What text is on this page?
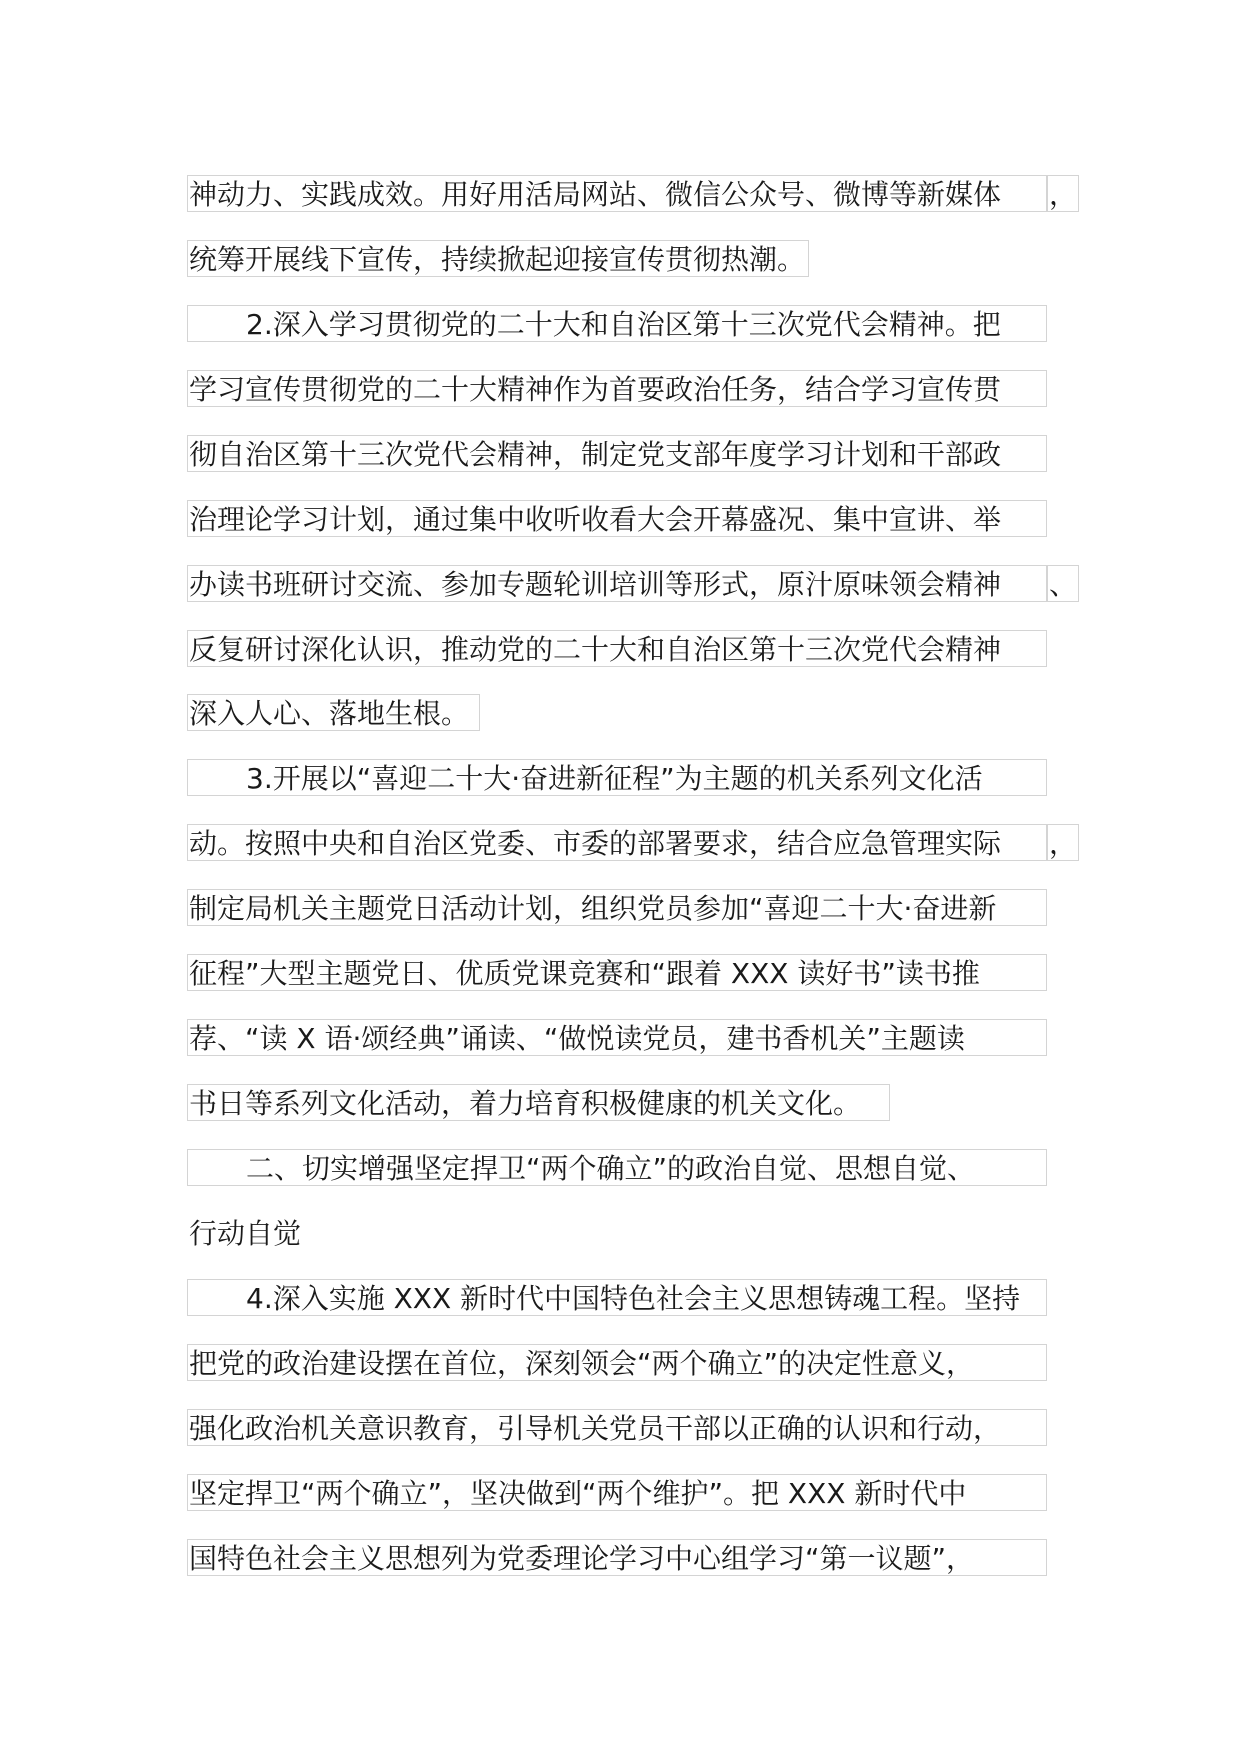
神动力、实践成效。用好用活局网站、微信公众号、微博等新媒体	，
统筹开展线下宣传，持续掀起迎接宣传贯彻热潮。
2.深入学习贯彻党的二十大和自治区第十三次党代会精神。把
学习宣传贯彻党的二十大精神作为首要政治任务，结合学习宣传贯
彻自治区第十三次党代会精神，制定党支部年度学习计划和干部政
治理论学习计划，通过集中收听收看大会开幕盛况、集中宣讲、举
办读书班研讨交流、参加专题轮训培训等形式，原汁原味领会精神	、
反复研讨深化认识，推动党的二十大和自治区第十三次党代会精神
深入人心、落地生根。
3.开展以“喜迎二十大·奋进新征程”为主题的机关系列文化活
动。按照中央和自治区党委、市委的部署要求，结合应急管理实际	，
制定局机关主题党日活动计划，组织党员参加“喜迎二十大·奋进新
征程”大型主题党日、优质党课竞赛和“跟着 XXX 读好书”读书推
荐、“读 X 语·颂经典”诵读、“做悦读党员，建书香机关”主题读
书日等系列文化活动，着力培育积极健康的机关文化。
二、切实增强坚定捍卫“两个确立”的政治自觉、思想自觉、
行动自觉
4.深入实施 XXX 新时代中国特色社会主义思想铸魂工程。坚持
把党的政治建设摆在首位，深刻领会“两个确立”的决定性意义，
强化政治机关意识教育，引导机关党员干部以正确的认识和行动，
坚定捍卫“两个确立”，坚决做到“两个维护”。把 XXX 新时代中
国特色社会主义思想列为党委理论学习中心组学习“第一议题”，
